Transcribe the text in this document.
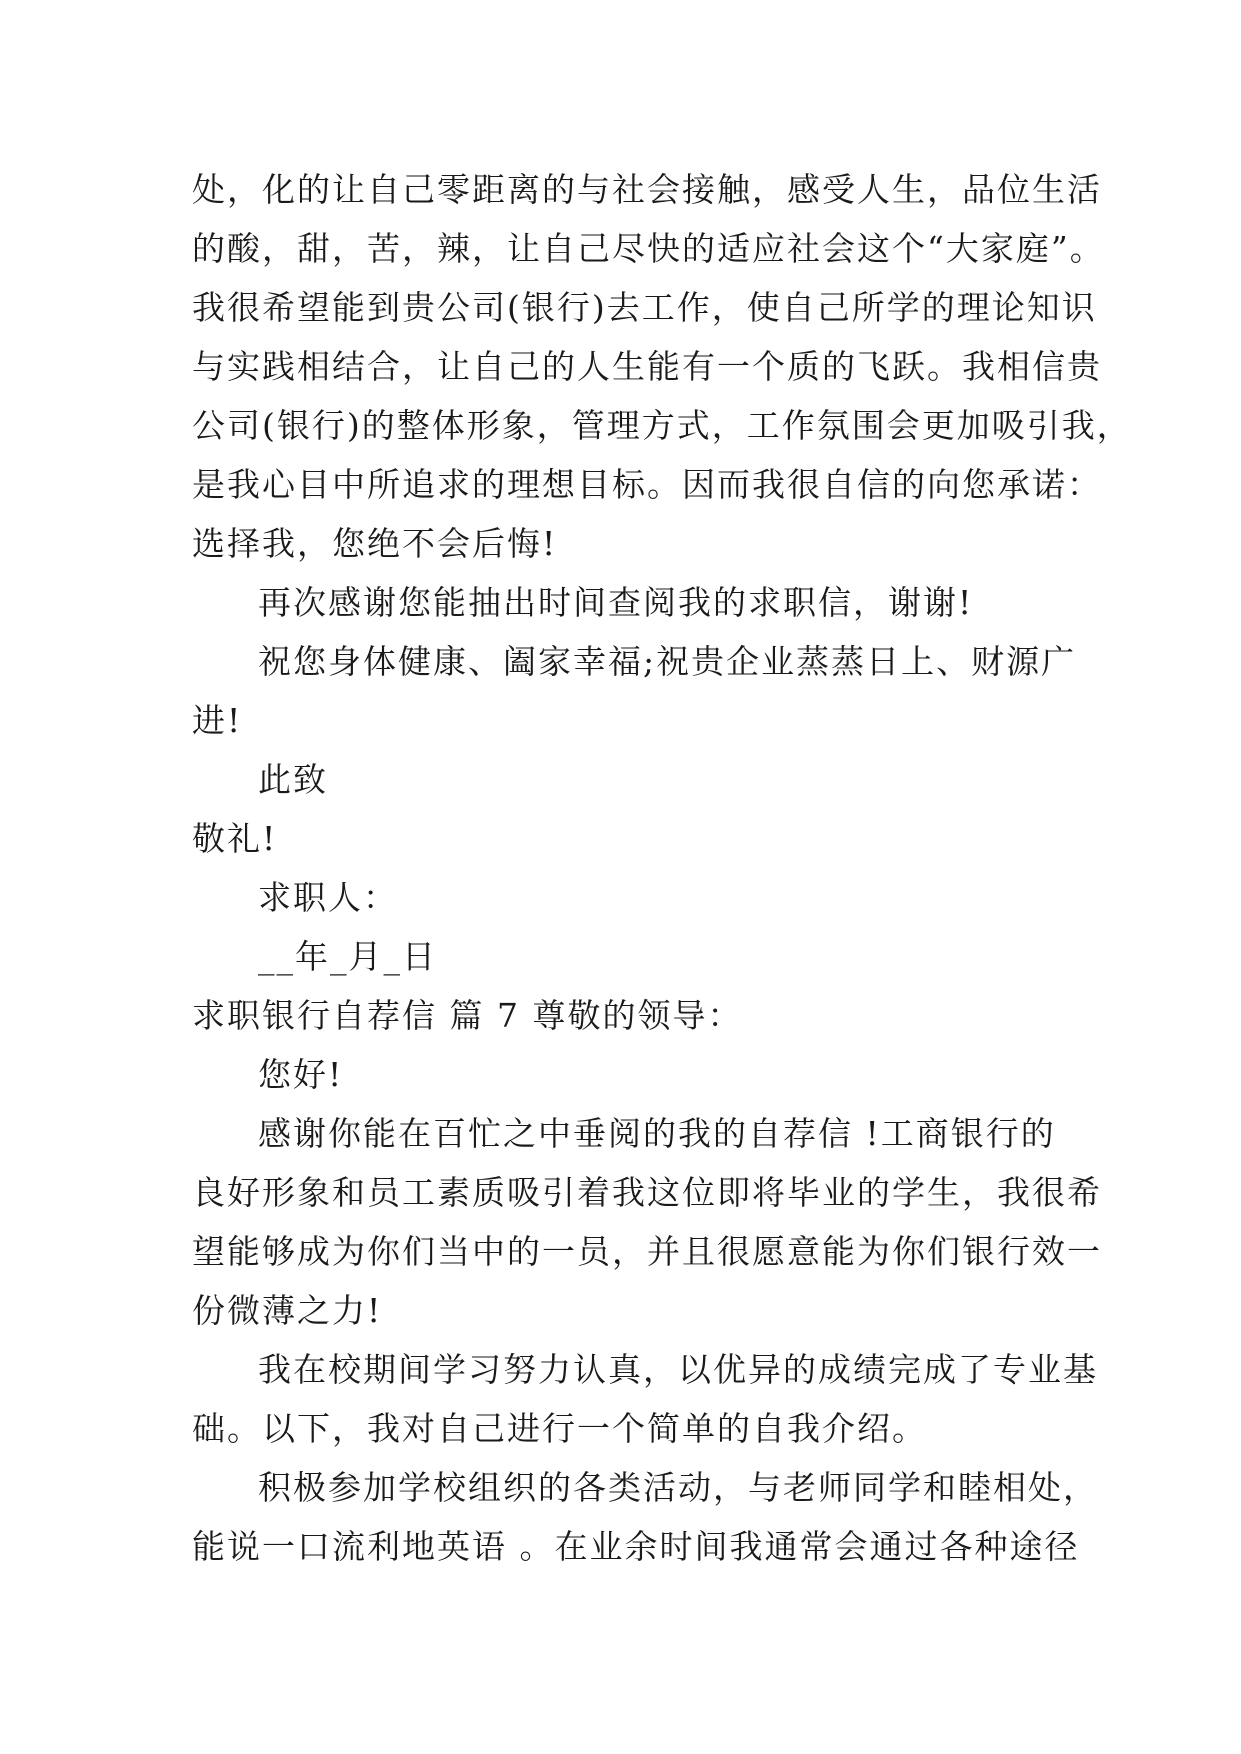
处，化的让自己零距离的与社会接触，感受人生，品位生活
的酸，甜，苦，辣，让自己尽快的适应社会这个“大家庭”。
我很希望能到贵公司(银行)去工作，使自己所学的理论知识
与实践相结合，让自己的人生能有一个质的飞跃。我相信贵
公司(银行)的整体形象，管理方式，工作氛围会更加吸引我，
是我心目中所追求的理想目标。因而我很自信的向您承诺：
选择我，您绝不会后悔!
再次感谢您能抽出时间查阅我的求职信，谢谢!
祝您身体健康、阖家幸福;祝贵企业蒸蒸日上、财源广
进!
此致
敬礼!
求职人：
__年_月_日
求职银行自荐信 篇 7 尊敬的领导：
您好!
感谢你能在百忙之中垂阅的我的自荐信 !工商银行的
良好形象和员工素质吸引着我这位即将毕业的学生，我很希
望能够成为你们当中的一员，并且很愿意能为你们银行效一
份微薄之力!
我在校期间学习努力认真，以优异的成绩完成了专业基
础。以下，我对自己进行一个简单的自我介绍。
积极参加学校组织的各类活动，与老师同学和睦相处，
能说一口流利地英语 。在业余时间我通常会通过各种途径
